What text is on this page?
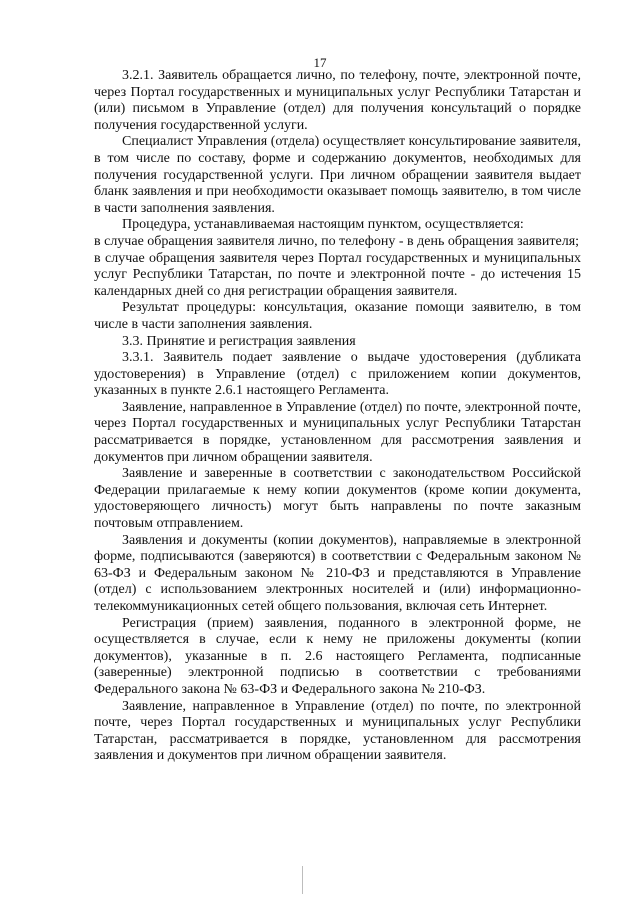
17

3.2.1. Заявитель обращается лично, по телефону, почте, электронной почте, через Портал государственных и муниципальных услуг Республики Татарстан и (или) письмом в Управление (отдел) для получения консультаций о порядке получения государственной услуги.

Специалист Управления (отдела) осуществляет консультирование заявителя, в том числе по составу, форме и содержанию документов, необходимых для получения государственной услуги. При личном обращении заявителя выдает бланк заявления и при необходимости оказывает помощь заявителю, в том числе в части заполнения заявления.

Процедура, устанавливаемая настоящим пунктом, осуществляется:

в случае обращения заявителя лично, по телефону - в день обращения заявителя;

в случае обращения заявителя через Портал государственных и муниципальных услуг Республики Татарстан, по почте и электронной почте - до истечения 15 календарных дней со дня регистрации обращения заявителя.

Результат процедуры: консультация, оказание помощи заявителю, в том числе в части заполнения заявления.

3.3. Принятие и регистрация заявления

3.3.1. Заявитель подает заявление о выдаче удостоверения (дубликата удостоверения) в Управление (отдел) с приложением копии документов, указанных в пункте 2.6.1 настоящего Регламента.

Заявление, направленное в Управление (отдел) по почте, электронной почте, через Портал государственных и муниципальных услуг Республики Татарстан рассматривается в порядке, установленном для рассмотрения заявления и документов при личном обращении заявителя.

Заявление и заверенные в соответствии с законодательством Российской Федерации прилагаемые к нему копии документов (кроме копии документа, удостоверяющего личность) могут быть направлены по почте заказным почтовым отправлением.

Заявления и документы (копии документов), направляемые в электронной форме, подписываются (заверяются) в соответствии с Федеральным законом № 63-ФЗ и Федеральным законом № 210-ФЗ и представляются в Управление (отдел) с использованием электронных носителей и (или) информационно-телекоммуникационных сетей общего пользования, включая сеть Интернет.

Регистрация (прием) заявления, поданного в электронной форме, не осуществляется в случае, если к нему не приложены документы (копии документов), указанные в п. 2.6 настоящего Регламента, подписанные (заверенные) электронной подписью в соответствии с требованиями Федерального закона № 63-ФЗ и Федерального закона № 210-ФЗ.

Заявление, направленное в Управление (отдел) по почте, по электронной почте, через Портал государственных и муниципальных услуг Республики Татарстан, рассматривается в порядке, установленном для рассмотрения заявления и документов при личном обращении заявителя.
